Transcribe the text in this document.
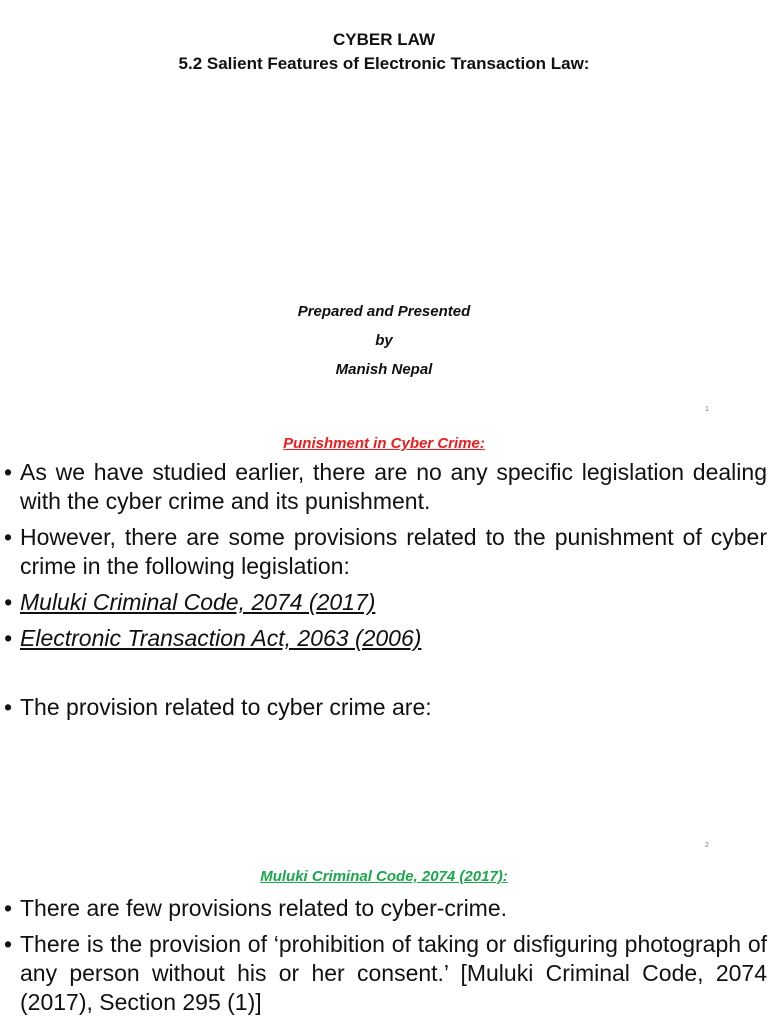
CYBER LAW
5.2 Salient Features of Electronic Transaction Law:
Prepared and Presented
by
Manish Nepal
1
Punishment in Cyber Crime:
• As we have studied earlier, there are no any specific legislation dealing with the cyber crime and its punishment.
• However, there are some provisions related to the punishment of cyber crime in the following legislation:
• Muluki Criminal Code, 2074 (2017)
• Electronic Transaction Act, 2063 (2006)
• The provision related to cyber crime are:
2
Muluki Criminal Code, 2074 (2017):
• There are few provisions related to cyber-crime.
• There is the provision of ‘prohibition of taking or disfiguring photograph of any person without his or her consent.’ [Muluki Criminal Code, 2074 (2017), Section 295 (1)]
